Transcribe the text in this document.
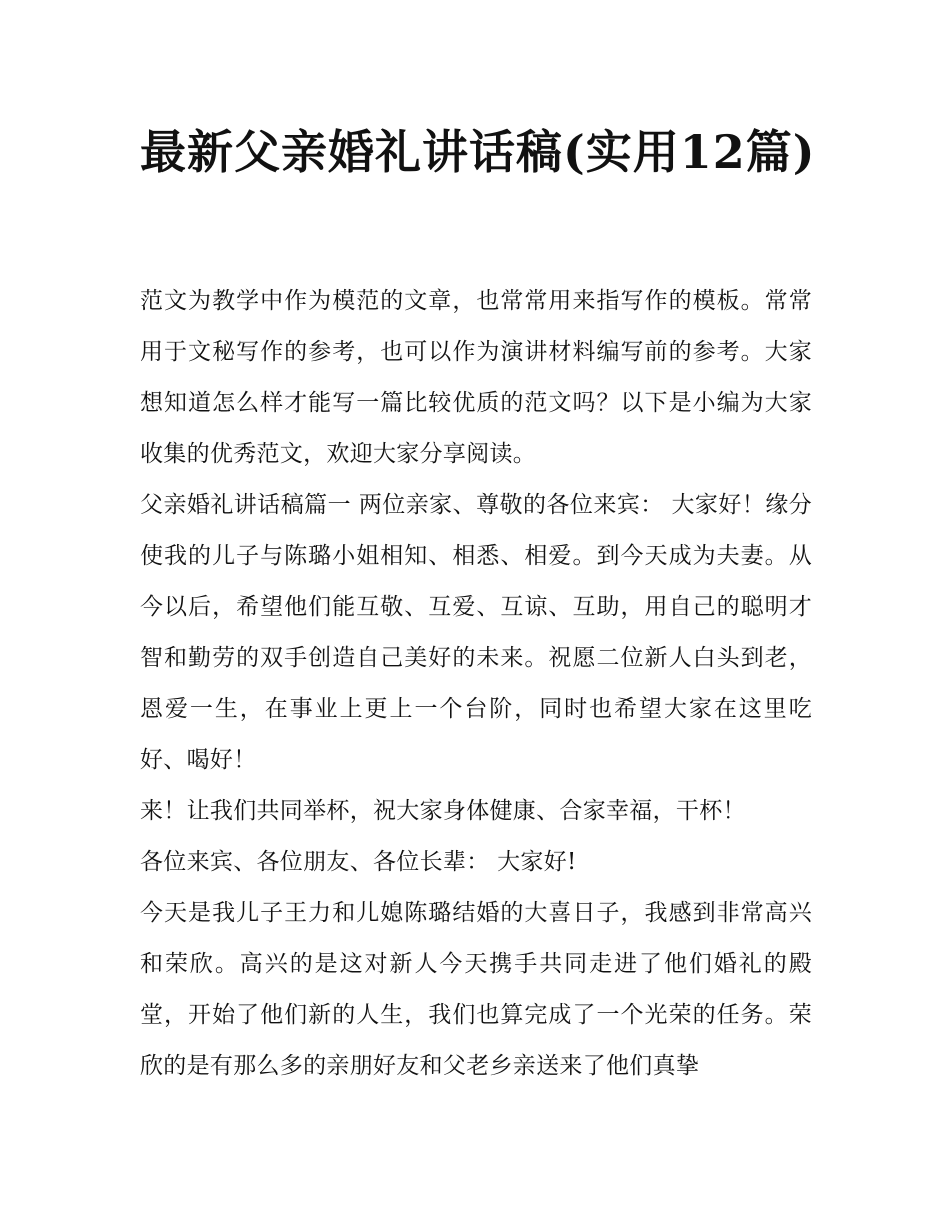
最新父亲婚礼讲话稿(实用12篇)

范文为教学中作为模范的文章，也常常用来指写作的模板。常常用于文秘写作的参考，也可以作为演讲材料编写前的参考。大家想知道怎么样才能写一篇比较优质的范文吗？以下是小编为大家收集的优秀范文，欢迎大家分享阅读。

父亲婚礼讲话稿篇一 两位亲家、尊敬的各位来宾： 大家好！缘分使我的儿子与陈璐小姐相知、相悉、相爱。到今天成为夫妻。从今以后，希望他们能互敬、互爱、互谅、互助，用自己的聪明才智和勤劳的双手创造自己美好的未来。祝愿二位新人白头到老，恩爱一生，在事业上更上一个台阶，同时也希望大家在这里吃好、喝好！

来！让我们共同举杯，祝大家身体健康、合家幸福，干杯！

各位来宾、各位朋友、各位长辈： 大家好!

今天是我儿子王力和儿媳陈璐结婚的大喜日子，我感到非常高兴和荣欣。高兴的是这对新人今天携手共同走进了他们婚礼的殿堂，开始了他们新的人生，我们也算完成了一个光荣的任务。荣欣的是有那么多的亲朋好友和父老乡亲送来了他们真挚
